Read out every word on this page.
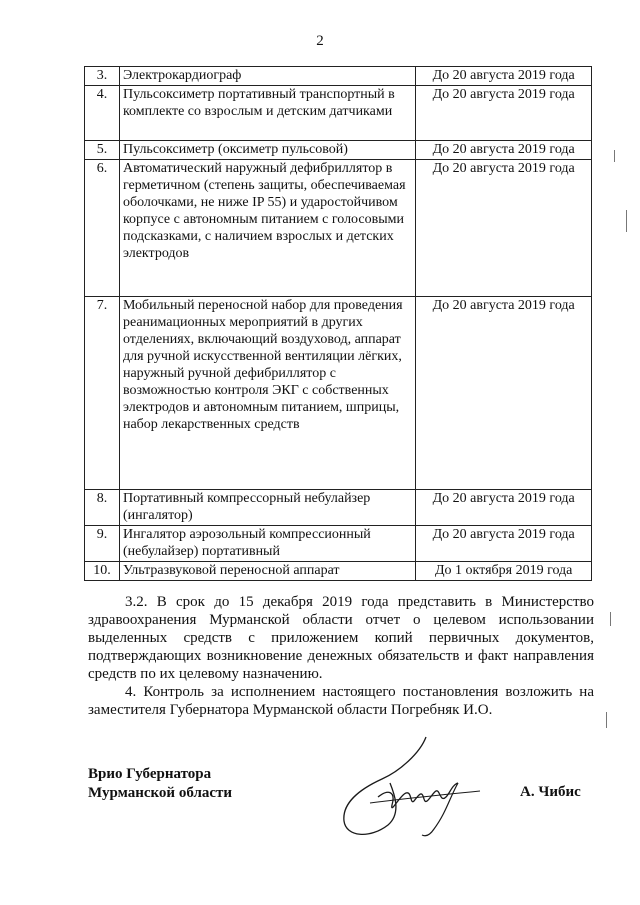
2
3.	Электрокардиограф	До 20 августа 2019 года
4.	Пульсоксиметр портативный транспортный в комплекте со взрослым и детским датчиками	До 20 августа 2019 года
5.	Пульсоксиметр (оксиметр пульсовой)	До 20 августа 2019 года
6.	Автоматический наружный дефибриллятор в герметичном (степень защиты, обеспечиваемая оболочками, не ниже IP 55) и ударостойчивом корпусе с автономным питанием с голосовыми подсказками, с наличием взрослых и детских электродов	До 20 августа 2019 года
7.	Мобильный переносной набор для проведения реанимационных мероприятий в других отделениях, включающий воздуховод, аппарат для ручной искусственной вентиляции лёгких, наружный ручной дефибриллятор с возможностью контроля ЭКГ с собственных электродов и автономным питанием, шприцы, набор лекарственных средств	До 20 августа 2019 года
8.	Портативный компрессорный небулайзер (ингалятор)	До 20 августа 2019 года
9.	Ингалятор аэрозольный компрессионный (небулайзер) портативный	До 20 августа 2019 года
10.	Ультразвуковой переносной аппарат	До 1 октября 2019 года

3.2. В срок до 15 декабря 2019 года представить в Министерство здравоохранения Мурманской области отчет о целевом использовании выделенных средств с приложением копий первичных документов, подтверждающих возникновение денежных обязательств и факт направления средств по их целевому назначению.

4. Контроль за исполнением настоящего постановления возложить на заместителя Губернатора Мурманской области Погребняк И.О.

Врио Губернатора
Мурманской области	А. Чибис
